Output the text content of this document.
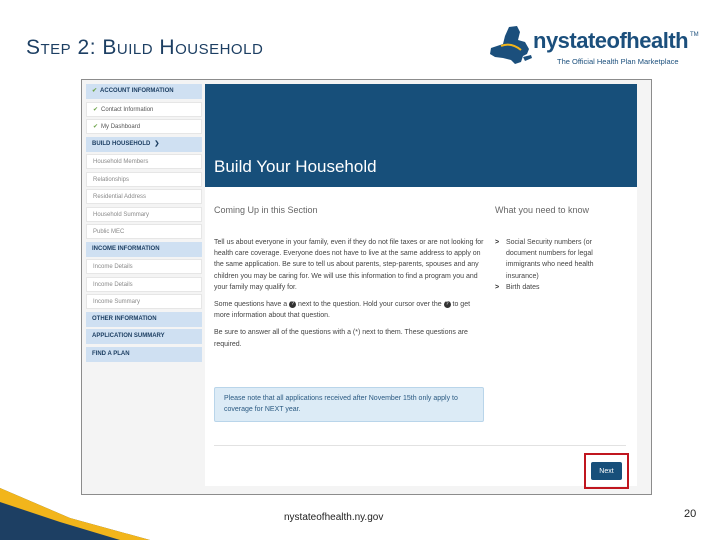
STEP 2: BUILD HOUSEHOLD	nystateofhealth TM
The Official Health Plan Marketplace
✔ ACCOUNT INFORMATION
✔ Contact Information
✔ My Dashboard
BUILD HOUSEHOLD ❯
Household Members
Relationships
Residential Address
Household Summary
Public MEC
INCOME INFORMATION
Income Details
Income Details
Income Summary
OTHER INFORMATION
APPLICATION SUMMARY
FIND A PLAN
Build Your Household

Coming Up in this Section

Tell us about everyone in your family, even if they do not file taxes or are not looking for health care coverage. Everyone does not have to live at the same address to apply on the same application. Be sure to tell us about parents, step-parents, spouses and any children you may be caring for. We will use this information to find a program you and your family may qualify for.

Some questions have a ? next to the question. Hold your cursor over the ? to get more information about that question.

Be sure to answer all of the questions with a (*) next to them. These questions are required.

Please note that all applications received after November 15th only apply to coverage for NEXT year.

What you need to know

> Social Security numbers (or document numbers for legal immigrants who need health insurance)
> Birth dates
Next
nystateofhealth.ny.gov	20
